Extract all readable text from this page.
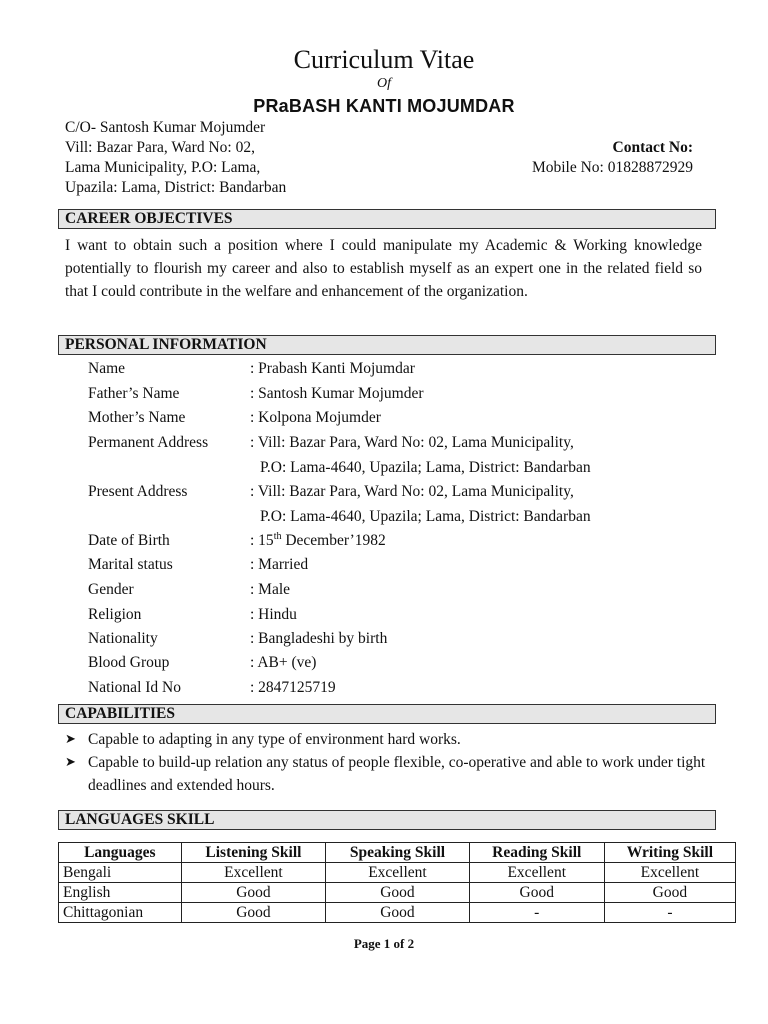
Curriculum Vitae
Of
PRaBASH KANTI MOJUMDAR
C/O- Santosh Kumar Mojumder
Vill: Bazar Para, Ward No: 02,
Lama Municipality, P.O: Lama,
Upazila: Lama, District: Bandarban
Contact No:
Mobile No: 01828872929
CAREER OBJECTIVES
I want to obtain such a position where I could manipulate my Academic & Working knowledge potentially to flourish my career and also to establish myself as an expert one in the related field so that I could contribute in the welfare and enhancement of the organization.
PERSONAL INFORMATION
Name	: Prabash Kanti Mojumdar
Father’s Name	: Santosh Kumar Mojumder
Mother’s Name	: Kolpona Mojumder
Permanent Address	: Vill: Bazar Para, Ward No: 02, Lama Municipality,
P.O: Lama-4640, Upazila; Lama, District: Bandarban
Present Address	: Vill: Bazar Para, Ward No: 02, Lama Municipality,
P.O: Lama-4640, Upazila; Lama, District: Bandarban
Date of Birth	: 15th December’1982
Marital status	: Married
Gender	: Male
Religion	: Hindu
Nationality	: Bangladeshi by birth
Blood Group	: AB+ (ve)
National Id No	: 2847125719
CAPABILITIES
➤ Capable to adapting in any type of environment hard works.
➤ Capable to build-up relation any status of people flexible, co-operative and able to work under tight deadlines and extended hours.
LANGUAGES SKILL
Languages	Listening Skill	Speaking Skill	Reading Skill	Writing Skill
Bengali	Excellent	Excellent	Excellent	Excellent
English	Good	Good	Good	Good
Chittagonian	Good	Good	-	-
Page 1 of 2
